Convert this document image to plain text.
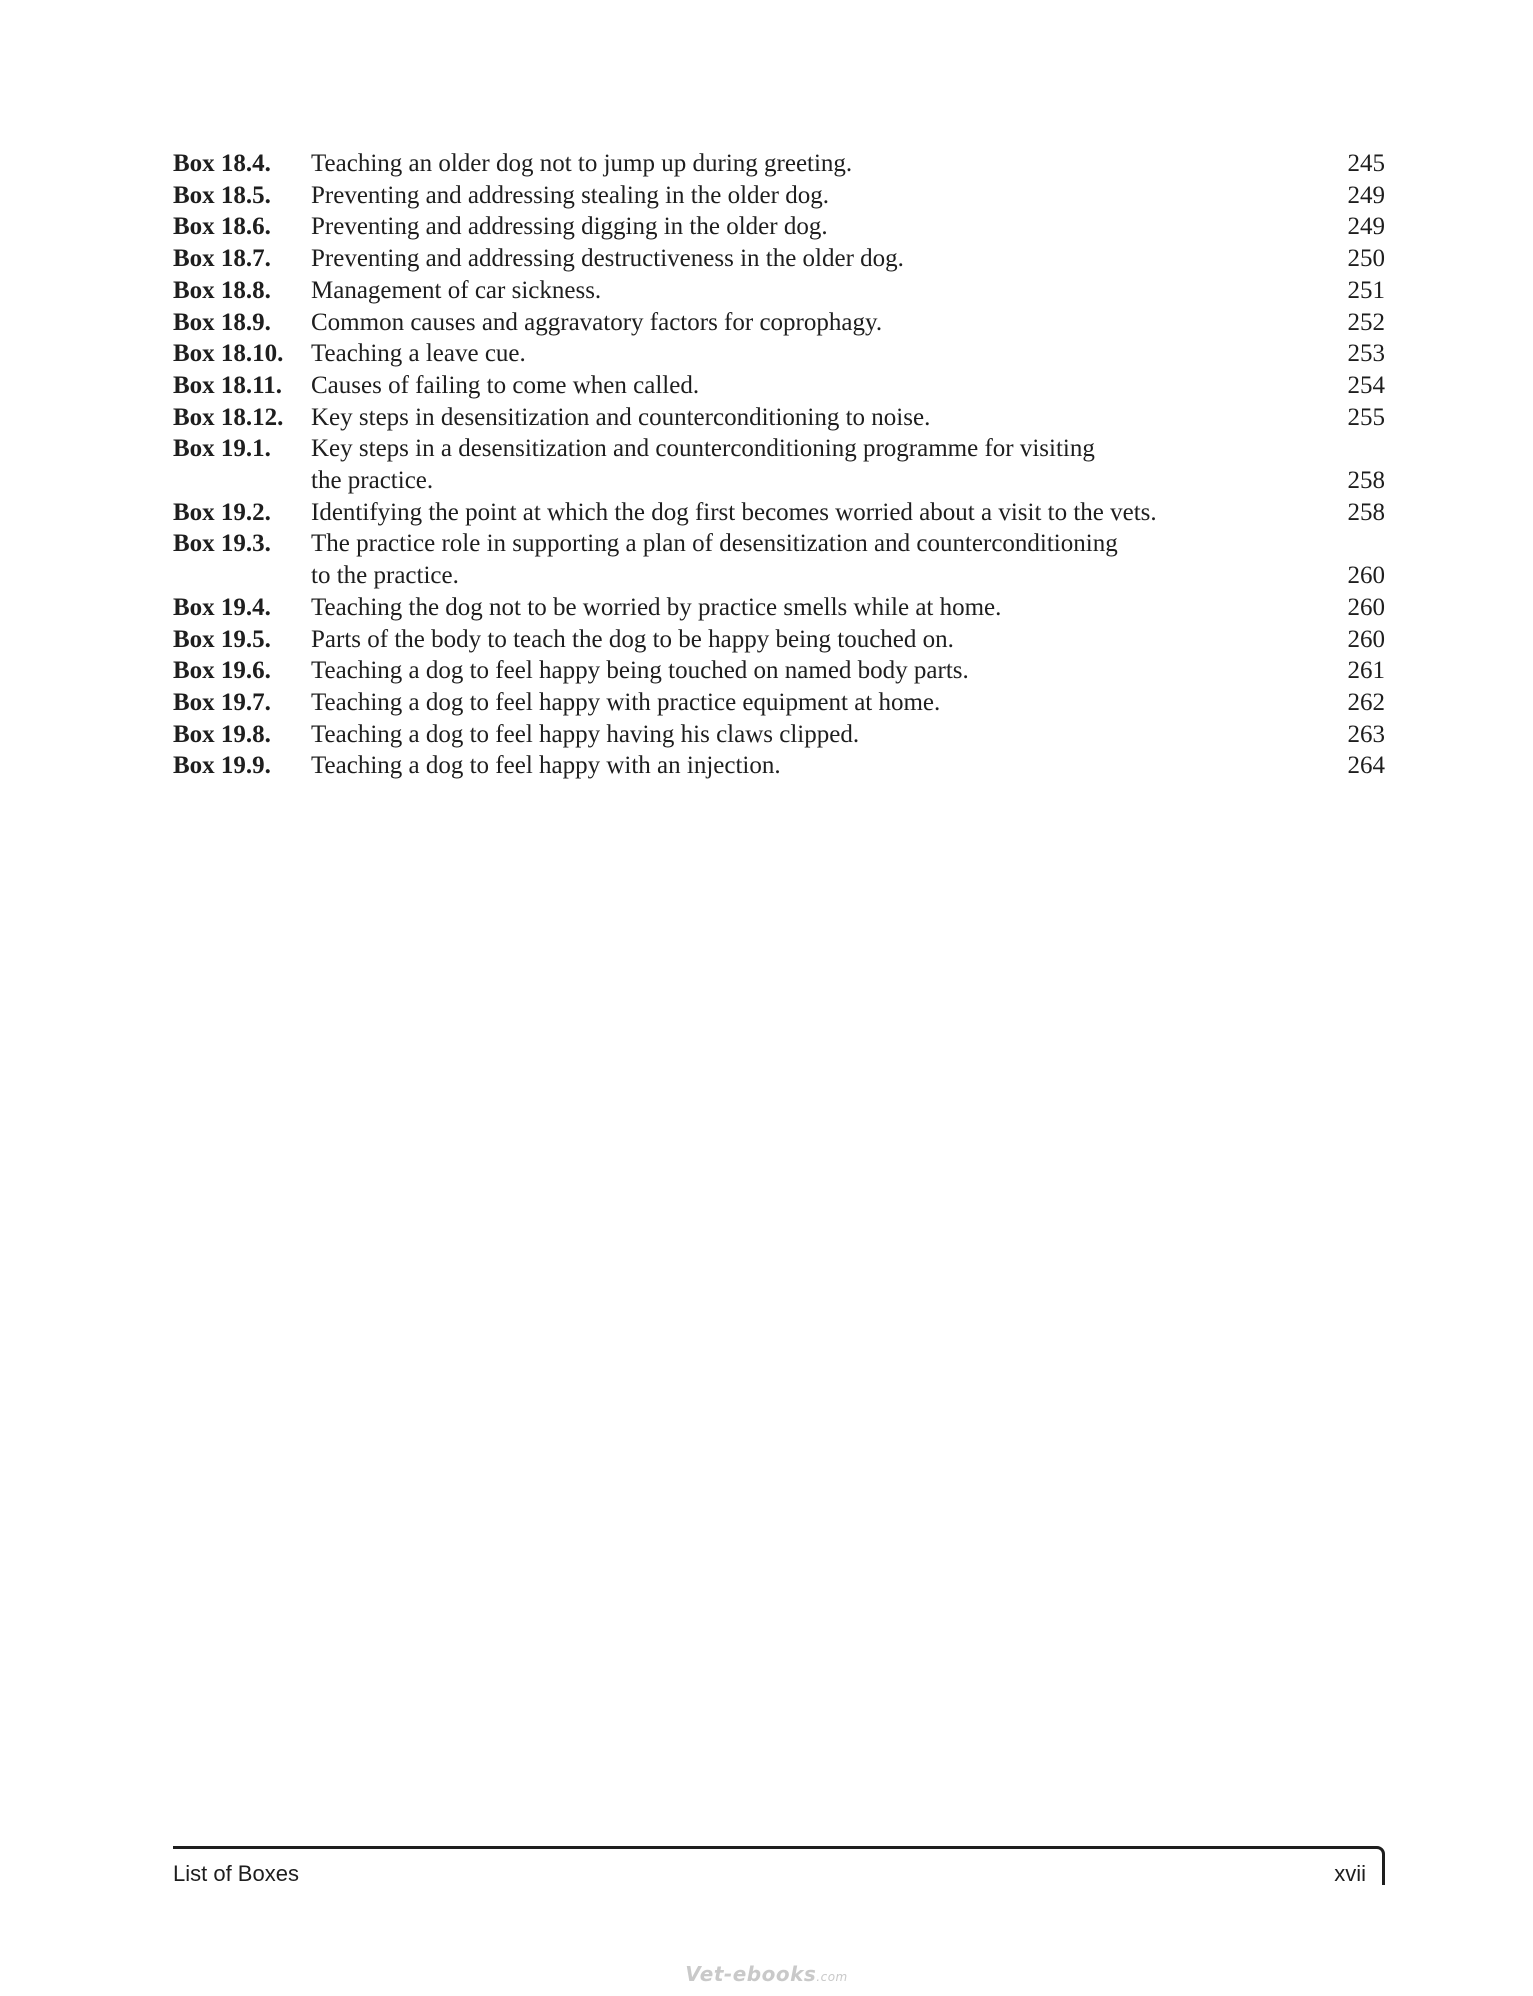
Box 18.4.	Teaching an older dog not to jump up during greeting.	245
Box 18.5.	Preventing and addressing stealing in the older dog.	249
Box 18.6.	Preventing and addressing digging in the older dog.	249
Box 18.7.	Preventing and addressing destructiveness in the older dog.	250
Box 18.8.	Management of car sickness.	251
Box 18.9.	Common causes and aggravatory factors for coprophagy.	252
Box 18.10.	Teaching a leave cue.	253
Box 18.11.	Causes of failing to come when called.	254
Box 18.12.	Key steps in desensitization and counterconditioning to noise.	255
Box 19.1.	Key steps in a desensitization and counterconditioning programme for visiting
the practice.	258
Box 19.2.	Identifying the point at which the dog first becomes worried about a visit to the vets.	258
Box 19.3.	The practice role in supporting a plan of desensitization and counterconditioning
to the practice.	260
Box 19.4.	Teaching the dog not to be worried by practice smells while at home.	260
Box 19.5.	Parts of the body to teach the dog to be happy being touched on.	260
Box 19.6.	Teaching a dog to feel happy being touched on named body parts.	261
Box 19.7.	Teaching a dog to feel happy with practice equipment at home.	262
Box 19.8.	Teaching a dog to feel happy having his claws clipped.	263
Box 19.9.	Teaching a dog to feel happy with an injection.	264
List of Boxes	xvii
Vet-ebooks.com
